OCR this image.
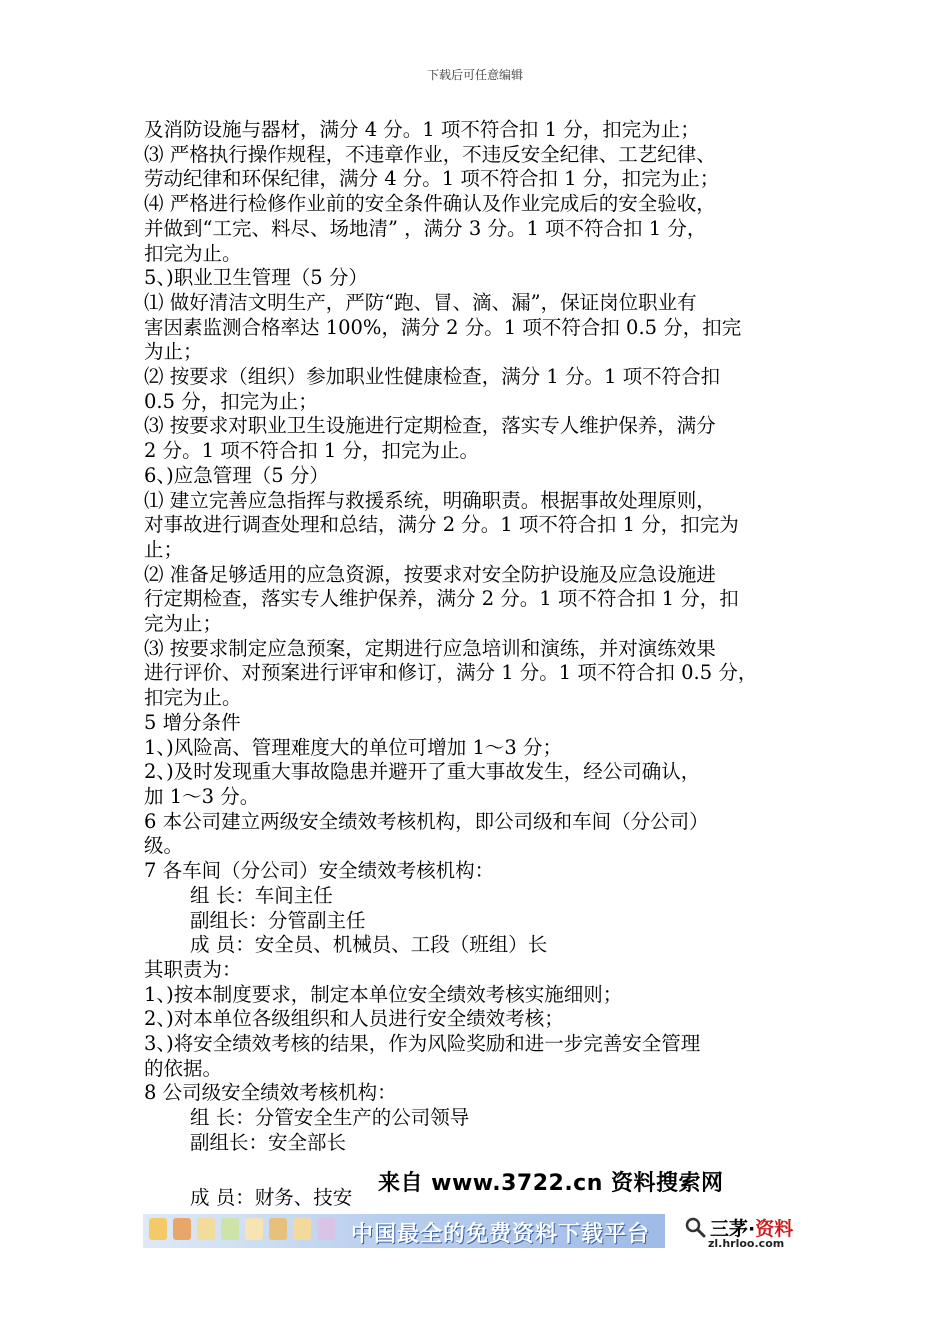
下载后可任意编辑

及消防设施与器材，满分 4 分。1 项不符合扣 1 分，扣完为止；

⑶ 严格执行操作规程，不违章作业，不违反安全纪律、工艺纪律、

劳动纪律和环保纪律，满分 4 分。1 项不符合扣 1 分，扣完为止；

⑷ 严格进行检修作业前的安全条件确认及作业完成后的安全验收，

并做到“工完、料尽、场地清” ，满分 3 分。1 项不符合扣 1 分，

扣完为止。

5、)职业卫生管理（5 分）

⑴ 做好清洁文明生产，严防“跑、冒、滴、漏”，保证岗位职业有

害因素监测合格率达 100%，满分 2 分。1 项不符合扣 0.5 分，扣完

为止；

⑵ 按要求（组织）参加职业性健康检查，满分 1 分。1 项不符合扣

0.5 分，扣完为止；

⑶ 按要求对职业卫生设施进行定期检查，落实专人维护保养，满分

2 分。1 项不符合扣 1 分，扣完为止。

6、)应急管理（5 分）

⑴ 建立完善应急指挥与救援系统，明确职责。根据事故处理原则，

对事故进行调查处理和总结，满分 2 分。1 项不符合扣 1 分，扣完为

止；

⑵ 准备足够适用的应急资源，按要求对安全防护设施及应急设施进

行定期检查，落实专人维护保养，满分 2 分。1 项不符合扣 1 分，扣

完为止；

⑶ 按要求制定应急预案，定期进行应急培训和演练，并对演练效果

进行评价、对预案进行评审和修订，满分 1 分。1 项不符合扣 0.5 分，

扣完为止。

5 增分条件

1、)风险高、管理难度大的单位可增加 1～3 分；

2、)及时发现重大事故隐患并避开了重大事故发生，经公司确认，

加 1～3 分。

6 本公司建立两级安全绩效考核机构，即公司级和车间（分公司）

级。

7 各车间（分公司）安全绩效考核机构：

组 长：车间主任

副组长：分管副主任

成 员：安全员、机械员、工段（班组）长

其职责为：

1、)按本制度要求，制定本单位安全绩效考核实施细则；

2、)对本单位各级组织和人员进行安全绩效考核；

3、)将安全绩效考核的结果，作为风险奖励和进一步完善安全管理

的依据。

8 公司级安全绩效考核机构：

组 长：分管安全生产的公司领导

副组长：安全部长

成 员：财务、技安
来自 www.3722.cn 资料搜索网
中国最全的免费资料下载平台	三茅·资料
zl.hrloo.com
